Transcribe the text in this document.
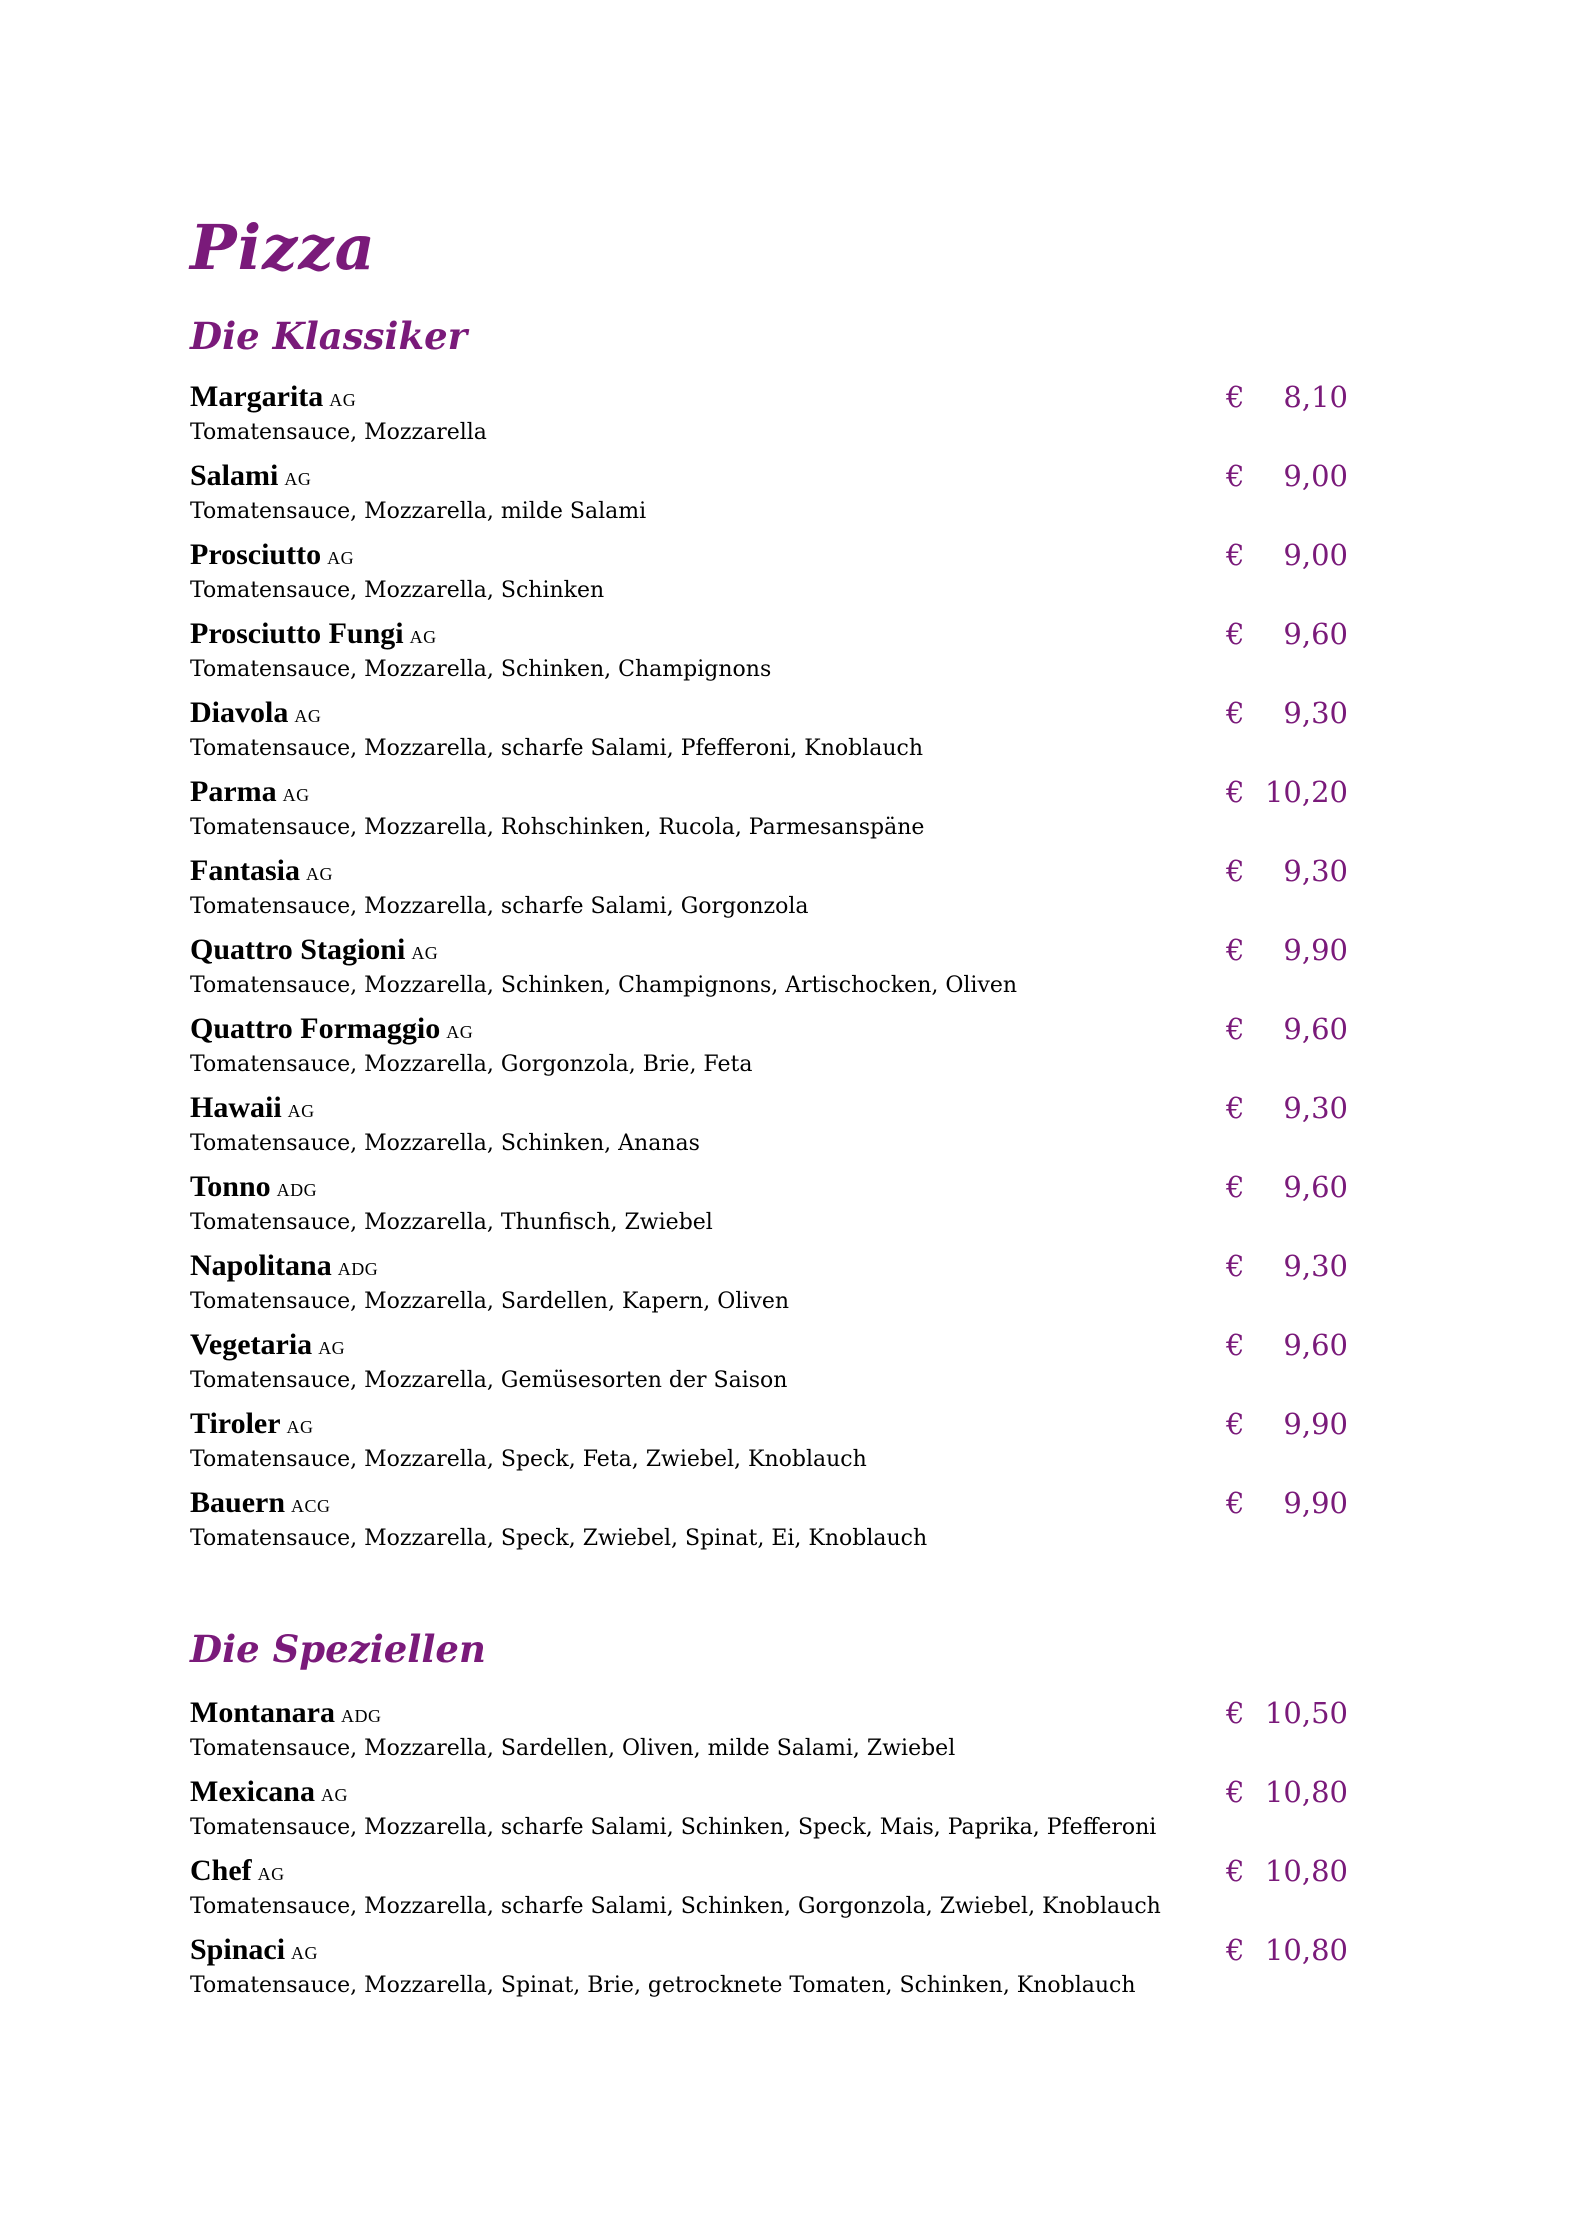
Pizza
Die Klassiker
Margarita AG
Tomatensauce, Mozzarella
€ 8,10
Salami AG
Tomatensauce, Mozzarella, milde Salami
€ 9,00
Prosciutto AG
Tomatensauce, Mozzarella, Schinken
€ 9,00
Prosciutto Fungi AG
Tomatensauce, Mozzarella, Schinken, Champignons
€ 9,60
Diavola AG
Tomatensauce, Mozzarella, scharfe Salami, Pfefferoni, Knoblauch
€ 9,30
Parma AG
Tomatensauce, Mozzarella, Rohschinken, Rucola, Parmesanspäne
€ 10,20
Fantasia AG
Tomatensauce, Mozzarella, scharfe Salami, Gorgonzola
€ 9,30
Quattro Stagioni AG
Tomatensauce, Mozzarella, Schinken, Champignons, Artischocken, Oliven
€ 9,90
Quattro Formaggio AG
Tomatensauce, Mozzarella, Gorgonzola, Brie, Feta
€ 9,60
Hawaii AG
Tomatensauce, Mozzarella, Schinken, Ananas
€ 9,30
Tonno ADG
Tomatensauce, Mozzarella, Thunfisch, Zwiebel
€ 9,60
Napolitana ADG
Tomatensauce, Mozzarella, Sardellen, Kapern, Oliven
€ 9,30
Vegetaria AG
Tomatensauce, Mozzarella, Gemüsesorten der Saison
€ 9,60
Tiroler AG
Tomatensauce, Mozzarella, Speck, Feta, Zwiebel, Knoblauch
€ 9,90
Bauern ACG
Tomatensauce, Mozzarella, Speck, Zwiebel, Spinat, Ei, Knoblauch
€ 9,90
Die Speziellen
Montanara ADG
Tomatensauce, Mozzarella, Sardellen, Oliven, milde Salami, Zwiebel
€ 10,50
Mexicana AG
Tomatensauce, Mozzarella, scharfe Salami, Schinken, Speck, Mais, Paprika, Pfefferoni
€ 10,80
Chef AG
Tomatensauce, Mozzarella, scharfe Salami, Schinken, Gorgonzola, Zwiebel, Knoblauch
€ 10,80
Spinaci AG
Tomatensauce, Mozzarella, Spinat, Brie, getrocknete Tomaten, Schinken, Knoblauch
€ 10,80
